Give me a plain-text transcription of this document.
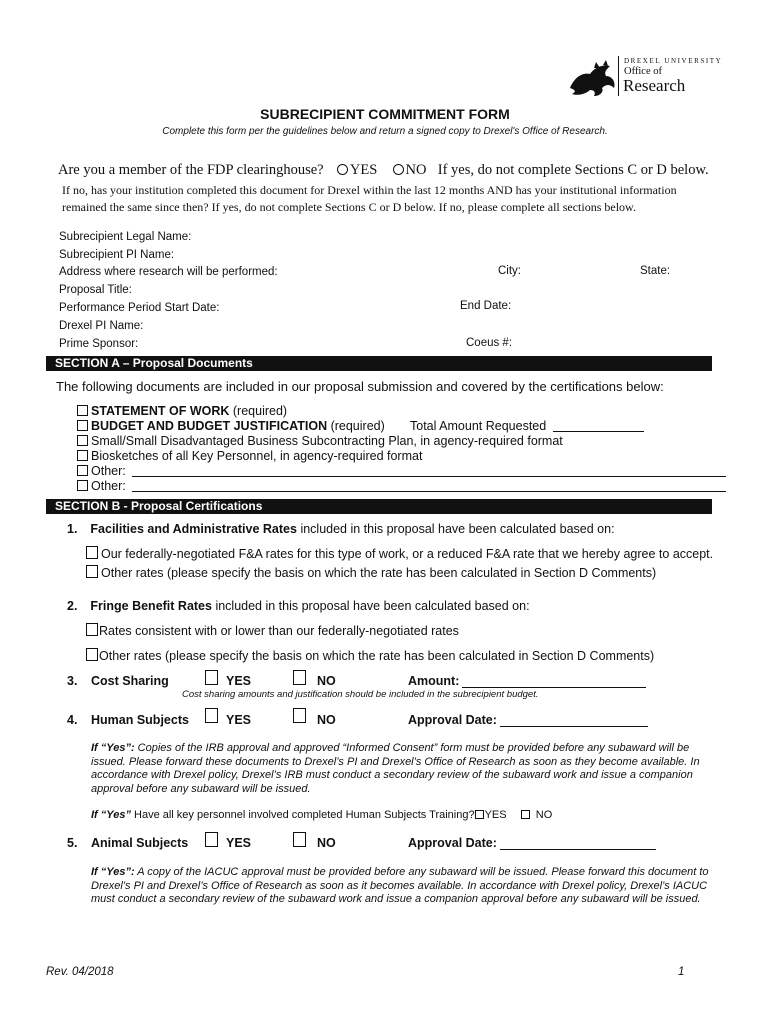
DREXEL UNIVERSITY
Office of
Research
SUBRECIPIENT COMMITMENT FORM
Complete this form per the guidelines below and return a signed copy to Drexel's Office of Research.
Are you a member of the FDP clearinghouse? YES NO If yes, do not complete Sections C or D below.
If no, has your institution completed this document for Drexel within the last 12 months AND has your institutional information
remained the same since then? If yes, do not complete Sections C or D below. If no, please complete all sections below.
Subrecipient Legal Name:
Subrecipient PI Name:
Address where research will be performed:	City:	State:
Proposal Title:
Performance Period Start Date:	End Date:
Drexel PI Name:
Prime Sponsor:	Coeus #:
SECTION A – Proposal Documents
The following documents are included in our proposal submission and covered by the certifications below:
STATEMENT OF WORK (required)
BUDGET AND BUDGET JUSTIFICATION (required) Total Amount Requested
Small/Small Disadvantaged Business Subcontracting Plan, in agency-required format
Biosketches of all Key Personnel, in agency-required format
Other:
Other:
SECTION B - Proposal Certifications
1. Facilities and Administrative Rates included in this proposal have been calculated based on:
Our federally-negotiated F&A rates for this type of work, or a reduced F&A rate that we hereby agree to accept.
Other rates (please specify the basis on which the rate has been calculated in Section D Comments)
2. Fringe Benefit Rates included in this proposal have been calculated based on:
Rates consistent with or lower than our federally-negotiated rates
Other rates (please specify the basis on which the rate has been calculated in Section D Comments)
3. Cost Sharing	YES	NO	Amount:
Cost sharing amounts and justification should be included in the subrecipient budget.
4. Human Subjects	YES	NO	Approval Date:
If “Yes”: Copies of the IRB approval and approved “Informed Consent” form must be provided before any subaward will be issued. Please forward these documents to Drexel’s PI and Drexel’s Office of Research as soon as they become available. In accordance with Drexel policy, Drexel’s IRB must conduct a secondary review of the subaward work and issue a companion approval before any subaward will be issued.
If “Yes” Have all key personnel involved completed Human Subjects Training? YES	NO
5. Animal Subjects	YES	NO	Approval Date:
If “Yes”: A copy of the IACUC approval must be provided before any subaward will be issued. Please forward this document to Drexel’s PI and Drexel’s Office of Research as soon as it becomes available. In accordance with Drexel policy, Drexel’s IACUC must conduct a secondary review of the subaward work and issue a companion approval before any subaward will be issued.
Rev. 04/2018	1
